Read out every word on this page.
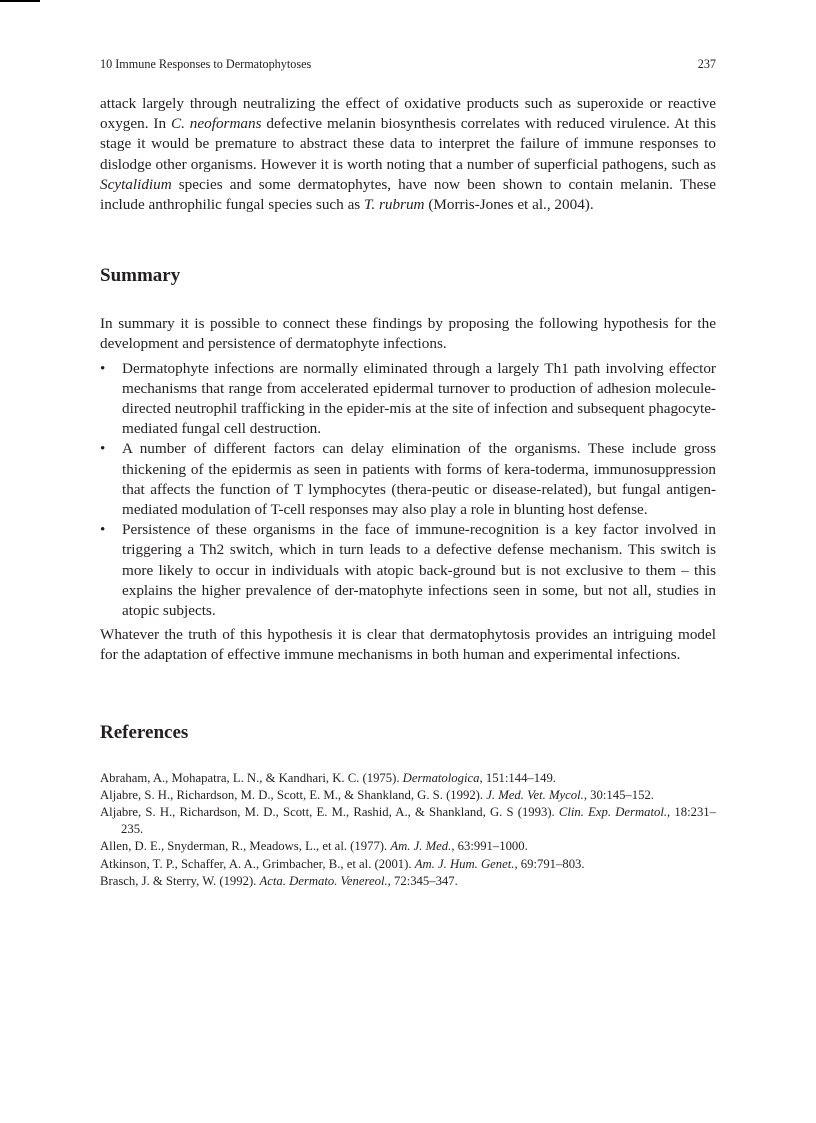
10 Immune Responses to Dermatophytoses	237

attack largely through neutralizing the effect of oxidative products such as superoxide or reactive oxygen. In C. neoformans defective melanin biosynthesis correlates with reduced virulence. At this stage it would be premature to abstract these data to interpret the failure of immune responses to dislodge other organisms. However it is worth noting that a number of superficial pathogens, such as Scytalidium species and some dermatophytes, have now been shown to contain melanin. These include anthrophilic fungal species such as T. rubrum (Morris-Jones et al., 2004).

Summary

In summary it is possible to connect these findings by proposing the following hypothesis for the development and persistence of dermatophyte infections.

•	Dermatophyte infections are normally eliminated through a largely Th1 path involving effector mechanisms that range from accelerated epidermal turnover to production of adhesion molecule-directed neutrophil trafficking in the epider-mis at the site of infection and subsequent phagocyte-mediated fungal cell destruction.
•	A number of different factors can delay elimination of the organisms. These include gross thickening of the epidermis as seen in patients with forms of kera-toderma, immunosuppression that affects the function of T lymphocytes (thera-peutic or disease-related), but fungal antigen-mediated modulation of T-cell responses may also play a role in blunting host defense.
•	Persistence of these organisms in the face of immune-recognition is a key factor involved in triggering a Th2 switch, which in turn leads to a defective defense mechanism. This switch is more likely to occur in individuals with atopic back-ground but is not exclusive to them – this explains the higher prevalence of der-matophyte infections seen in some, but not all, studies in atopic subjects.

Whatever the truth of this hypothesis it is clear that dermatophytosis provides an intriguing model for the adaptation of effective immune mechanisms in both human and experimental infections.

References
Abraham, A., Mohapatra, L. N., & Kandhari, K. C. (1975). Dermatologica, 151:144–149.
Aljabre, S. H., Richardson, M. D., Scott, E. M., & Shankland, G. S. (1992). J. Med. Vet. Mycol., 30:145–152.
Aljabre, S. H., Richardson, M. D., Scott, E. M., Rashid, A., & Shankland, G. S (1993). Clin. Exp. Dermatol., 18:231–235.
Allen, D. E., Snyderman, R., Meadows, L., et al. (1977). Am. J. Med., 63:991–1000.
Atkinson, T. P., Schaffer, A. A., Grimbacher, B., et al. (2001). Am. J. Hum. Genet., 69:791–803.
Brasch, J. & Sterry, W. (1992). Acta. Dermato. Venereol., 72:345–347.
